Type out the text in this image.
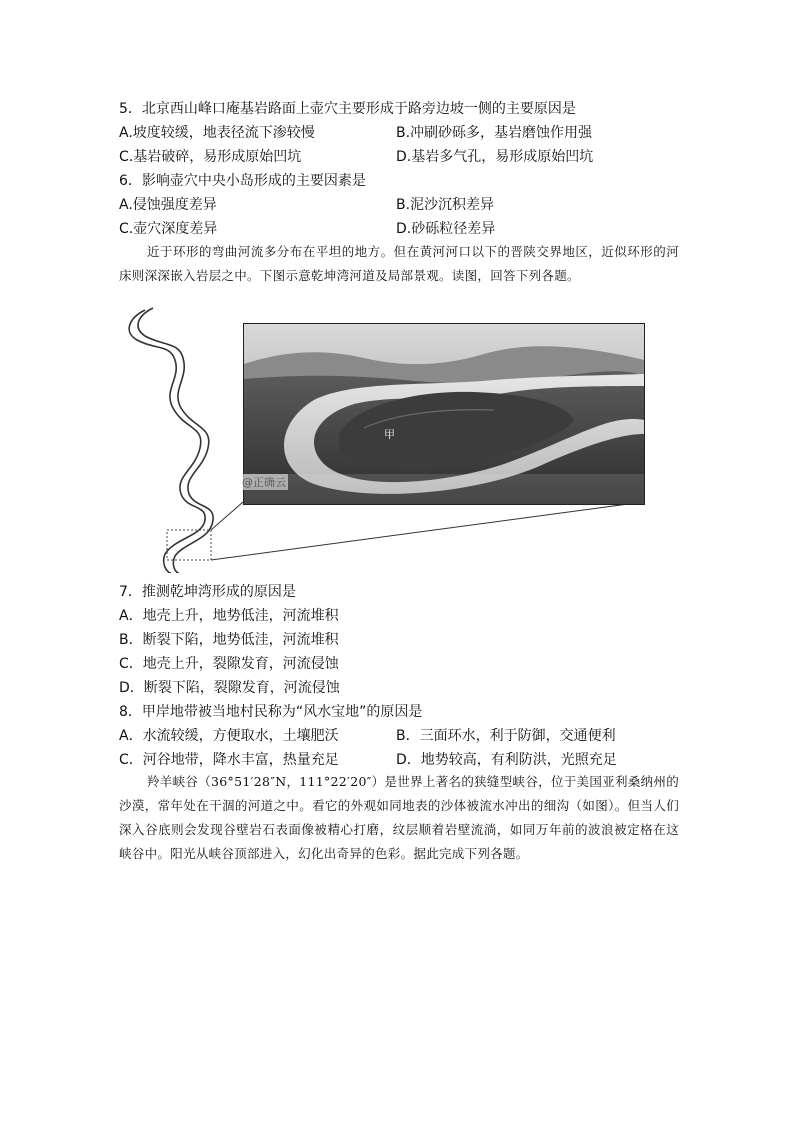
5．北京西山峰口庵基岩路面上壶穴主要形成于路旁边坡一侧的主要原因是
A.坡度较缓，地表径流下渗较慢	B.冲刷砂砾多，基岩磨蚀作用强
C.基岩破碎，易形成原始凹坑	D.基岩多气孔，易形成原始凹坑
6．影响壶穴中央小岛形成的主要因素是
A.侵蚀强度差异	B.泥沙沉积差异
C.壶穴深度差异	D.砂砾粒径差异
近于环形的弯曲河流多分布在平坦的地方。但在黄河河口以下的晋陕交界地区，近似环形的河床则深深嵌入岩层之中。下图示意乾坤湾河道及局部景观。读图，回答下列各题。
甲
@正确云
7．推测乾坤湾形成的原因是
A．地壳上升，地势低洼，河流堆积
B．断裂下陷，地势低洼，河流堆积
C．地壳上升，裂隙发育，河流侵蚀
D．断裂下陷，裂隙发育，河流侵蚀
8．甲岸地带被当地村民称为“风水宝地”的原因是
A．水流较缓，方便取水，土壤肥沃	B．三面环水，利于防御，交通便利
C．河谷地带，降水丰富，热量充足	D．地势较高，有利防洪，光照充足
羚羊峡谷（36°51′28″N，111°22′20″）是世界上著名的狭缝型峡谷，位于美国亚利桑纳州的沙漠，常年处在干涸的河道之中。看它的外观如同地表的沙体被流水冲出的细沟（如图）。但当人们深入谷底则会发现谷壁岩石表面像被精心打磨，纹层顺着岩壁流淌，如同万年前的波浪被定格在这峡谷中。阳光从峡谷顶部进入，幻化出奇异的色彩。据此完成下列各题。
